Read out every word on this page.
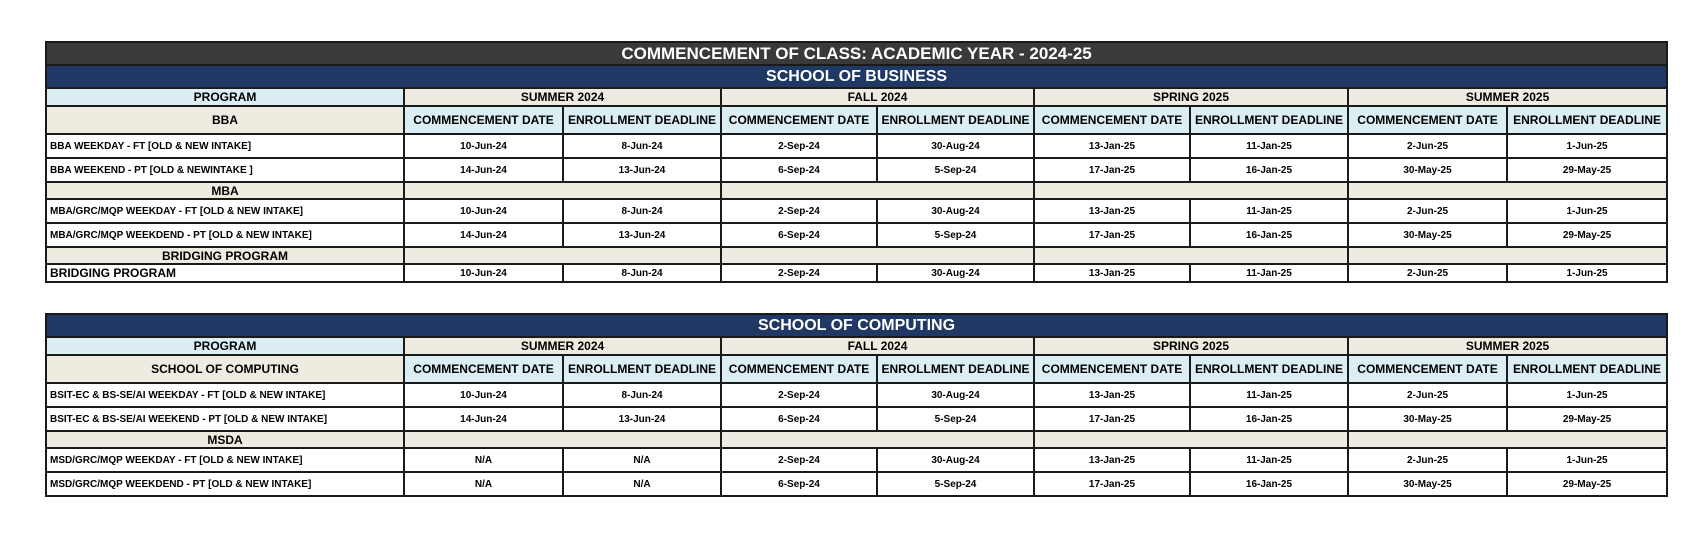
COMMENCEMENT OF CLASS: ACADEMIC YEAR - 2024-25								
SCHOOL OF BUSINESS								
PROGRAM	SUMMER 2024		FALL 2024		SPRING 2025		SUMMER 2025	
	COMMENCEMENT DATE	ENROLLMENT DEADLINE	COMMENCEMENT DATE	ENROLLMENT DEADLINE	COMMENCEMENT DATE	ENROLLMENT DEADLINE	COMMENCEMENT DATE	ENROLLMENT DEADLINE
BBA								
BBA WEEKDAY - FT [OLD & NEW INTAKE]	10-Jun-24	8-Jun-24	2-Sep-24	30-Aug-24	13-Jan-25	11-Jan-25	2-Jun-25	1-Jun-25
BBA WEEKEND - PT [OLD & NEWINTAKE ]	14-Jun-24	13-Jun-24	6-Sep-24	5-Sep-24	17-Jan-25	16-Jan-25	30-May-25	29-May-25
MBA								
MBA/GRC/MQP WEEKDAY - FT [OLD & NEW INTAKE]	10-Jun-24	8-Jun-24	2-Sep-24	30-Aug-24	13-Jan-25	11-Jan-25	2-Jun-25	1-Jun-25
MBA/GRC/MQP WEEKDEND - PT [OLD & NEW INTAKE]	14-Jun-24	13-Jun-24	6-Sep-24	5-Sep-24	17-Jan-25	16-Jan-25	30-May-25	29-May-25
BRIDGING PROGRAM								
BRIDGING PROGRAM	10-Jun-24	8-Jun-24	2-Sep-24	30-Aug-24	13-Jan-25	11-Jan-25	2-Jun-25	1-Jun-25
SCHOOL OF COMPUTING								
PROGRAM	SUMMER 2024		FALL 2024		SPRING 2025		SUMMER 2025	
	COMMENCEMENT DATE	ENROLLMENT DEADLINE	COMMENCEMENT DATE	ENROLLMENT DEADLINE	COMMENCEMENT DATE	ENROLLMENT DEADLINE	COMMENCEMENT DATE	ENROLLMENT DEADLINE
SCHOOL OF COMPUTING								
BSIT-EC & BS-SE/AI WEEKDAY - FT [OLD & NEW INTAKE]	10-Jun-24	8-Jun-24	2-Sep-24	30-Aug-24	13-Jan-25	11-Jan-25	2-Jun-25	1-Jun-25
BSIT-EC & BS-SE/AI WEEKEND - PT [OLD & NEW INTAKE]	14-Jun-24	13-Jun-24	6-Sep-24	5-Sep-24	17-Jan-25	16-Jan-25	30-May-25	29-May-25
MSDA								
MSD/GRC/MQP WEEKDAY - FT [OLD & NEW INTAKE]	N/A	N/A	2-Sep-24	30-Aug-24	13-Jan-25	11-Jan-25	2-Jun-25	1-Jun-25
MSD/GRC/MQP WEEKDEND - PT [OLD & NEW INTAKE]	N/A	N/A	6-Sep-24	5-Sep-24	17-Jan-25	16-Jan-25	30-May-25	29-May-25
